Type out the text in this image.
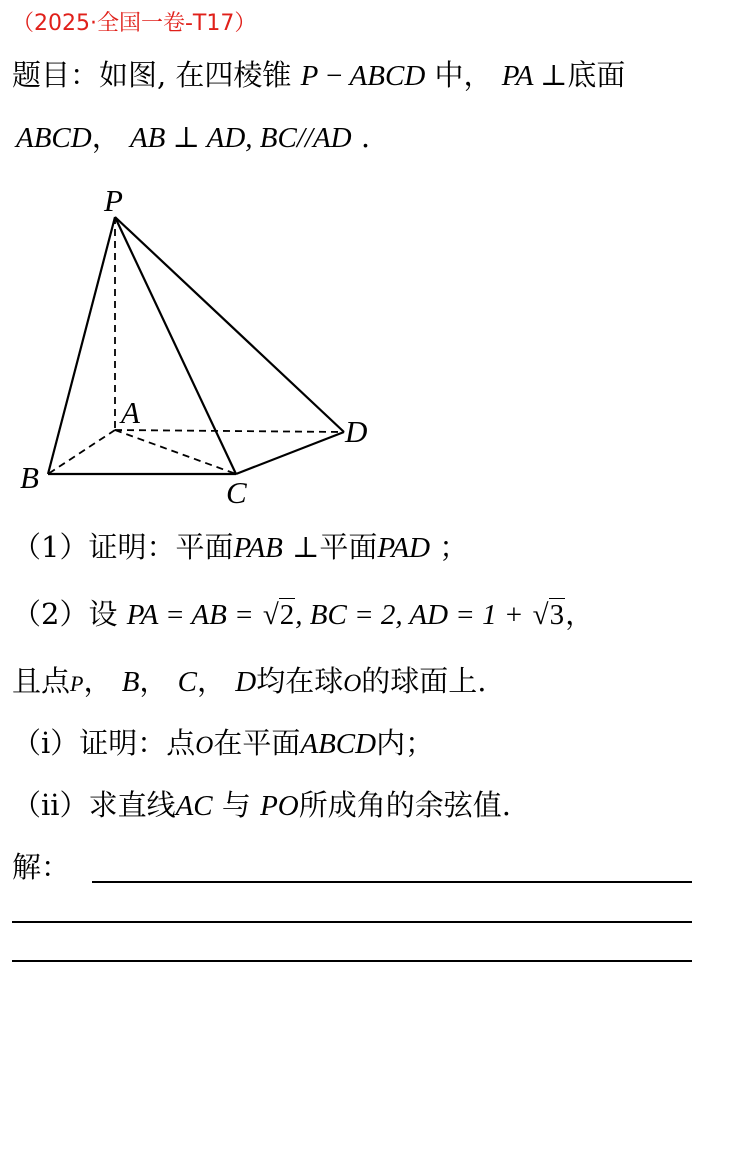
（2025·全国一卷-T17）
题目：如图, 在四棱锥 P − ABCD 中， PA ⊥底面
ABCD， AB ⊥ AD, BC//AD .
P
A
B	C
D
（1）证明：平面PAB ⊥平面PAD ；
（2）设 PA = AB = √2, BC = 2, AD = 1 + √3，
且点P， B， C， D均在球O的球面上.
（i）证明：点O在平面ABCD内；
（ii）求直线AC 与 PO所成角的余弦值.
解：
